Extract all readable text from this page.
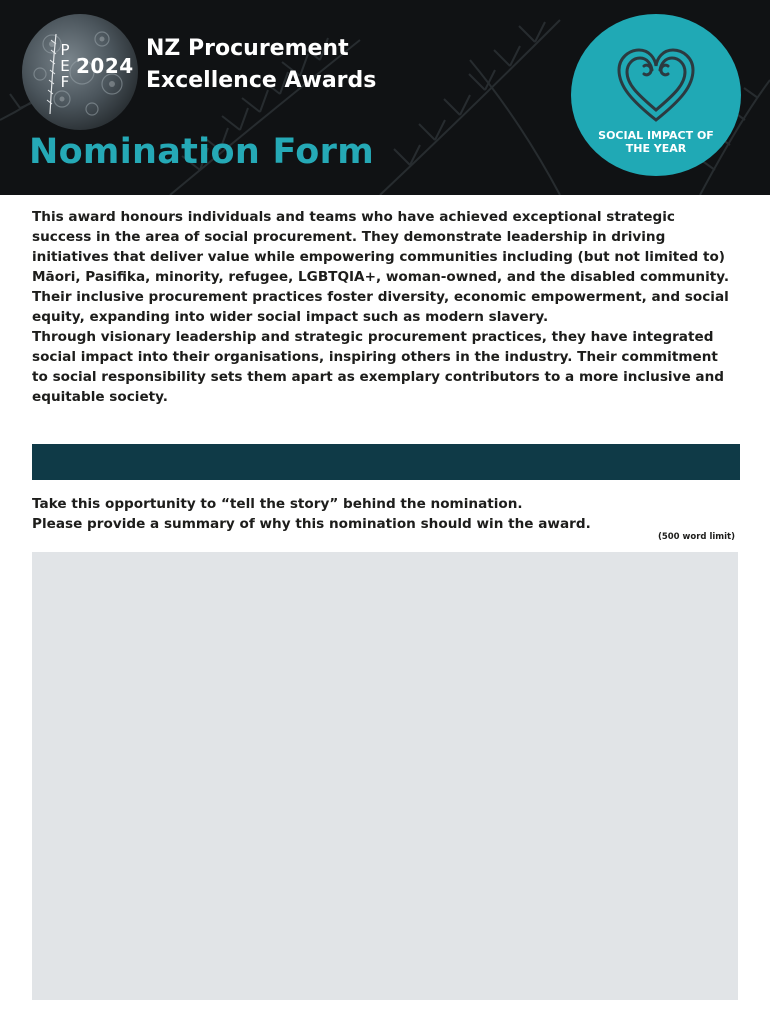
P
E
F
2024
NZ Procurement
Excellence Awards
Nomination Form	SOCIAL IMPACT OF
THE YEAR

This award honours individuals and teams who have achieved exceptional strategic success in the area of social procurement. They demonstrate leadership in driving initiatives that deliver value while empowering communities including (but not limited to) Māori, Pasifika, minority, refugee, LGBTQIA+, woman-owned, and the disabled community.

Their inclusive procurement practices foster diversity, economic empowerment, and social equity, expanding into wider social impact such as modern slavery.

Through visionary leadership and strategic procurement practices, they have integrated social impact into their organisations, inspiring others in the industry. Their commitment to social responsibility sets them apart as exemplary contributors to a more inclusive and equitable society.

Take this opportunity to “tell the story” behind the nomination.

Please provide a summary of why this nomination should win the award.

(500 word limit)
